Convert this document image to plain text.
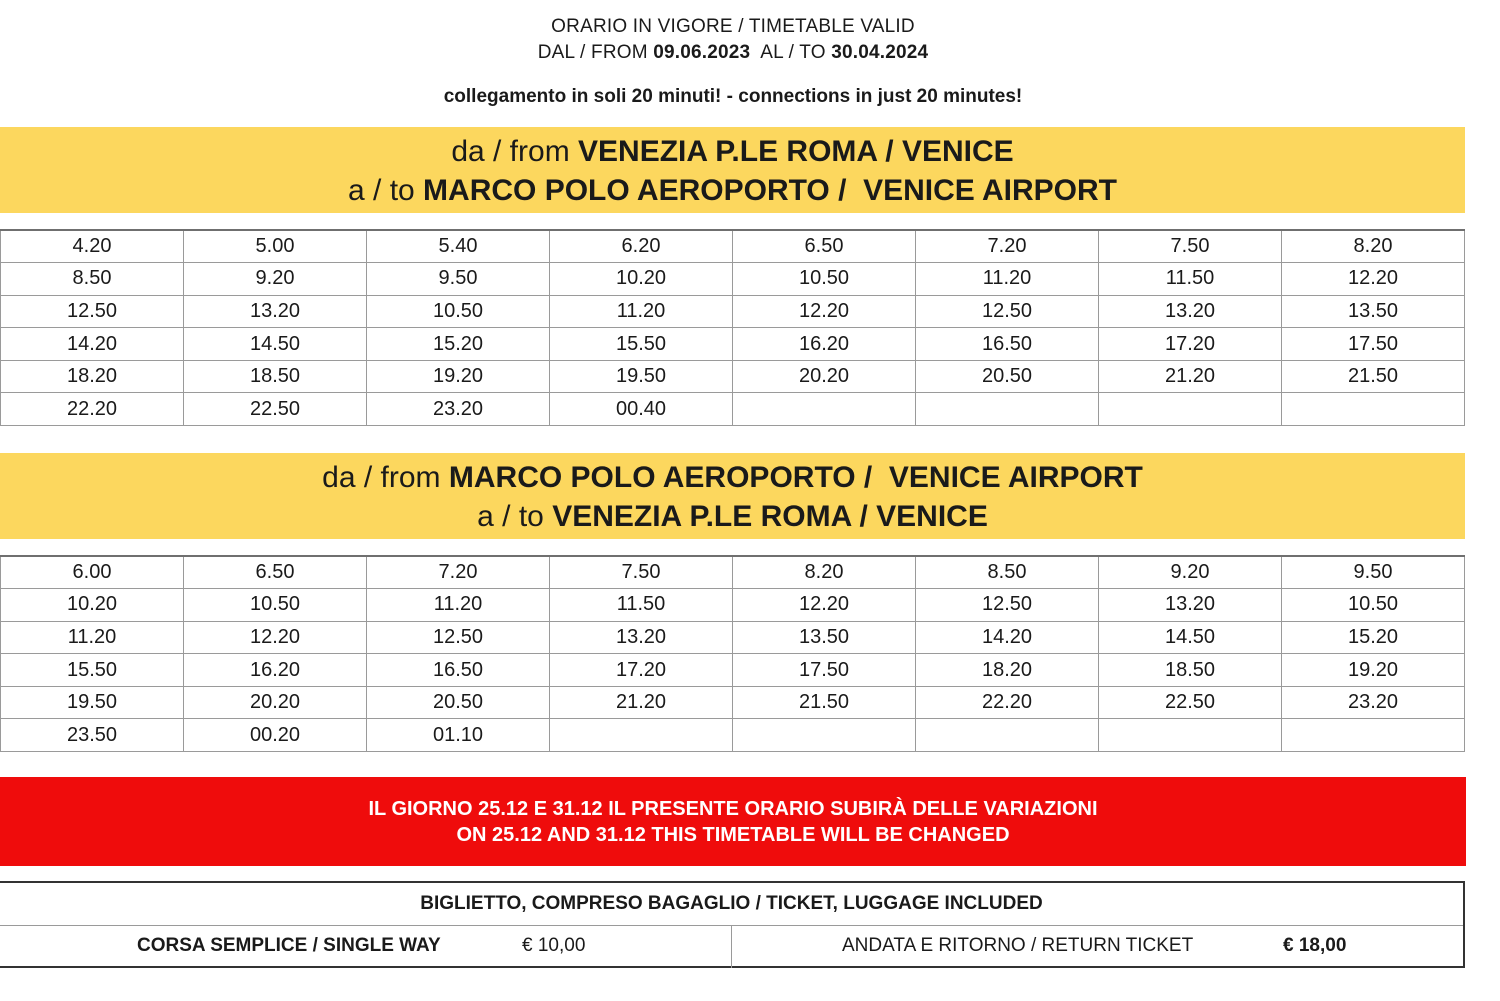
ORARIO IN VIGORE / TIMETABLE VALID
DAL / FROM 09.06.2023  AL / TO 30.04.2024
collegamento in soli 20 minuti! - connections in just 20 minutes!
da / from VENEZIA P.LE ROMA / VENICE
a / to MARCO POLO AEROPORTO /  VENICE AIRPORT
4.20	5.00	5.40	6.20	6.50	7.20	7.50	8.20
8.50	9.20	9.50	10.20	10.50	11.20	11.50	12.20
12.50	13.20	10.50	11.20	12.20	12.50	13.20	13.50
14.20	14.50	15.20	15.50	16.20	16.50	17.20	17.50
18.20	18.50	19.20	19.50	20.20	20.50	21.20	21.50
22.20	22.50	23.20	00.40				
da / from MARCO POLO AEROPORTO /  VENICE AIRPORT
a / to VENEZIA P.LE ROMA / VENICE
6.00	6.50	7.20	7.50	8.20	8.50	9.20	9.50
10.20	10.50	11.20	11.50	12.20	12.50	13.20	10.50
11.20	12.20	12.50	13.20	13.50	14.20	14.50	15.20
15.50	16.20	16.50	17.20	17.50	18.20	18.50	19.20
19.50	20.20	20.50	21.20	21.50	22.20	22.50	23.20
23.50	00.20	01.10					
IL GIORNO 25.12 E 31.12 IL PRESENTE ORARIO SUBIRÀ DELLE VARIAZIONI
ON 25.12 AND 31.12 THIS TIMETABLE WILL BE CHANGED
BIGLIETTO, COMPRESO BAGAGLIO / TICKET, LUGGAGE INCLUDED
CORSA SEMPLICE / SINGLE WAY	€ 10,00	ANDATA E RITORNO / RETURN TICKET	€ 18,00
